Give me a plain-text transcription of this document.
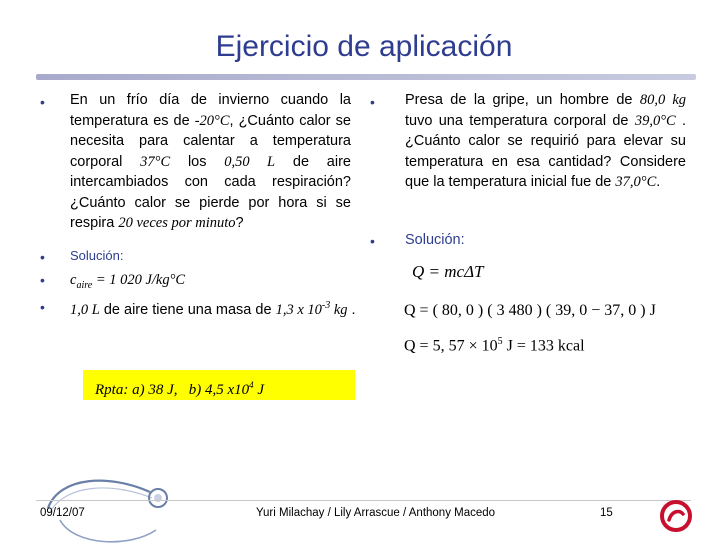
Ejercicio de aplicación
• En un frío día de invierno cuando la temperatura es de -20°C, ¿Cuánto calor se necesita para calentar a temperatura corporal 37°C los 0,50 L de aire intercambiados con cada respiración? ¿Cuánto calor se pierde por hora si se respira 20 veces por minuto?
• Solución:
• $c_{aire} = 1$ 020 J/kg°C
• 1,0 L de aire tiene una masa de 1,3 x $10^{-3}$ kg .
Rpta: a) 38 J, b) 4,5 $x10^4$ J
• Presa de la gripe, un hombre de 80,0 kg tuvo una temperatura corporal de 39,0°C . ¿Cuánto calor se requirió para elevar su temperatura en esa cantidad? Considere que la temperatura inicial fue de 37,0°C.
• Solución:
Q = mcΔT
Q = ( 80, 0 ) ( 3 480 ) ( 39, 0 − 37, 0 ) J
Q = 5, $57 \times 10^5$ J = 133 kcal
09/12/07	Yuri Milachay / Lily Arrascue / Anthony Macedo	15
